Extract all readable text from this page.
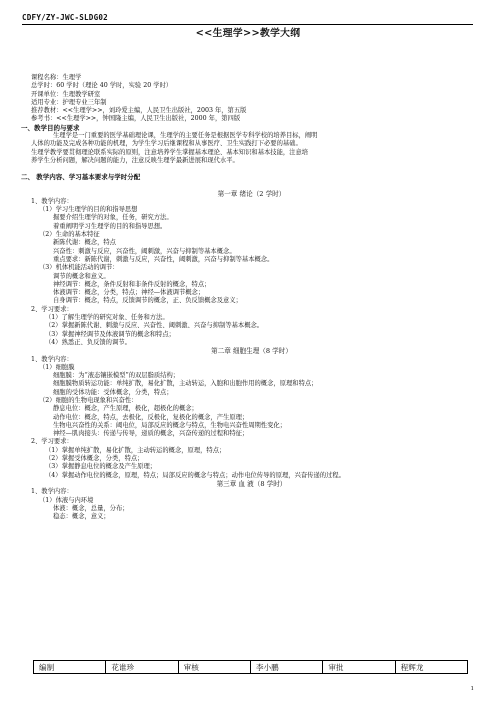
CDFY/ZY-JWC-SLDG02
<<生理学>>教学大纲
课程名称：生理学
总学时：60 学时（理论 40 学时，实验 20 学时）
开课单位：生理教学研室
适用专业：护理专业三年制
推荐教材：<<生理学>>，刘玲爱主编，人民卫生出版社，2003 年，第五版
参考书：<<生理学>>，钟国隆主编，人民卫生出版社，2000 年，第四版
一、教学目的与要求
生理学是一门重要的医学基础理论课，生理学的主要任务是根据医学专科学校的培养目标，阐明
人体的功能及完成各种功能的机理，为学生学习后继课程和从事医疗、卫生实践打下必要的基础。
生理学教学要贯彻理论联系实际的原则，注意培养学生掌握基本理论、基本知识和基本技能，注意培
养学生分析问题，解决问题的能力，注意反映生理学最新进展和现代水平。
二、 教学内容、学习基本要求与学时分配
第一章 绪论（2 学时）
1、教学内容：
（1）学习生理学的目的和指导思想
掘要介绍生理学的对象，任务，研究方法。
着重阐明学习生理学的目的和指导思想。
（2）生命的基本特征
新陈代谢：概念，特点
兴奋性：刺激与反应，兴奋性，阈刺激，兴奋与抑制等基本概念。
重点要求：新陈代谢，刺激与反应，兴奋性，阈刺激，兴奋与抑制等基本概念。
（3）机体机能活动的调节：
调节的概念和意义。
神经调节：概念，条件反射和非条件反射的概念，特点；
体液调节：概念，分类，特点；神经—体液调节概念；
自身调节：概念，特点，反馈调节的概念，正、负反馈概念及意义；
2、学习要求：
（1）了解生理学的研究对象、任务和方法。
（2）掌握新陈代谢、刺激与反应、兴奋性、阈刺激、兴奋与抑制等基本概念。
（3）掌握神经调节及体液调节的概念和特点；
（4）熟悉正、负反馈的调节。
第二章 细胞生理（8 学时）
1、教学内容：
（1）细胞膜
细胞膜：为“液态镶嵌模型”的双层脂质结构；
细胞膜物质转运功能：单纯扩散，易化扩散，主动转运，入胞和出胞作用的概念，原理和特点；
细胞的受体功能：受体概念，分类，特点；
（2）细胞的生物电现象和兴奋性：
静息电位：概念，产生原理，极化，超极化的概念；
动作电位：概念，特点，去极化，反极化，复极化的概念，产生原理；
生物电兴奋性的关系：阈电位，局部反应的概念与特点，生物电兴奋性周期性变化；
神经—肌肉接头：传递与传导，递质的概念，兴奋传递的过程和特征；
2、学习要求：
（1）掌握单纯扩散，易化扩散，主动转运的概念，原理，特点；
（2）掌握受体概念，分类，特点；
（3）掌握静息电位的概念及产生原理；
（4）掌握动作电位的概念，原理，特点；局部反应的概念与特点；动作电位传导的原理，兴奋传递的过程。
第三章 血 液（8 学时）
1、教学内容：
（1）体液与内环境
体液：概念，总量，分布；
稳态：概念，意义；
编制	花谁珍	审核	李小鹏	审批	程辉龙
1
